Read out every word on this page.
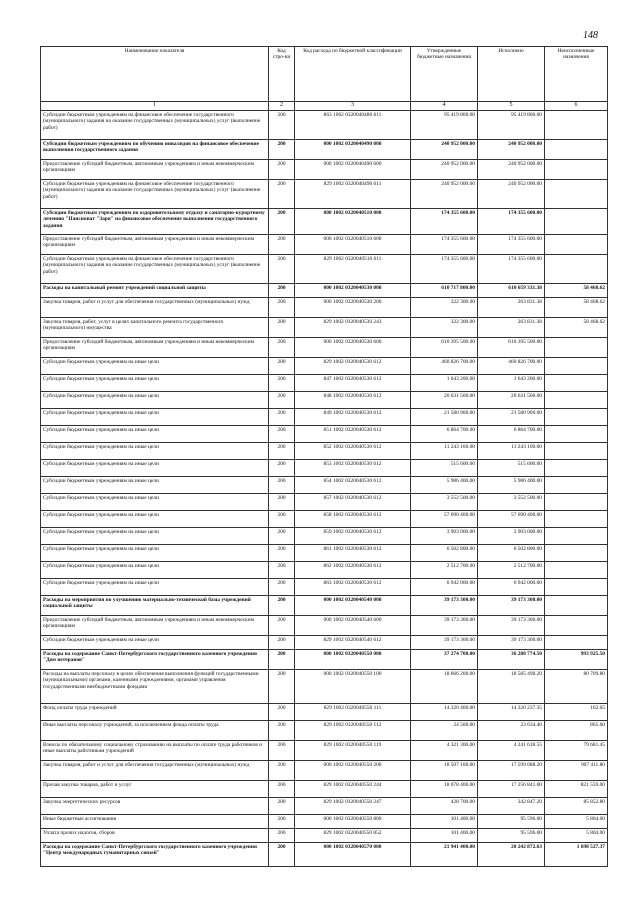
148
Наименование показателя	Код стро-ки	Код расхода по бюджетной классификации	Утвержденные бюджетные назначения	Исполнено	Неисполненные назначения
1	2	3	4	5	6
Субсидии бюджетным учреждениям на финансовое обеспечение государственного (муниципального) задания на оказание государственных (муниципальных) услуг (выполнение работ)	200	863 1002 0320040480 611	95 419 800.00	95 419 800.00	
Субсидии бюджетным учреждениям по обучению инвалидов на финансовое обеспечение выполнения государственного задания	200	000 1002 0320040490 000	240 952 000.00	240 952 000.00	
Предоставление субсидий бюджетным, автономным учреждениям и иным некоммерческим организациям	200	000 1002 0320040490 600	240 952 000.00	240 952 000.00	
Субсидии бюджетным учреждениям на финансовое обеспечение государственного (муниципального) задания на оказание государственных (муниципальных) услуг (выполнение работ)	200	829 1002 0320040490 611	240 952 000.00	240 952 000.00	
Субсидии бюджетным учреждениям по оздоровительному отдыху и санаторно-курортному лечению "Пансионат "Заря" на финансовое обеспечение выполнения государственного задания	200	000 1002 0320040510 000	174 355 600.00	174 355 600.00	
Предоставление субсидий бюджетным, автономным учреждениям и иным некоммерческим организациям	200	000 1002 0320040510 600	174 355 600.00	174 355 600.00	
Субсидии бюджетным учреждениям на финансовое обеспечение государственного (муниципального) задания на оказание государственных (муниципальных) услуг (выполнение работ)	200	829 1002 0320040510 611	174 355 600.00	174 355 600.00	
Расходы на капитальный ремонт учреждений социальной защиты	200	000 1002 0320040530 000	610 717 800.00	610 659 331.38	58 468.62
Закупка товаров, работ и услуг для обеспечения государственных (муниципальных) нужд	200	000 1002 0320040530 200	322 300.00	263 831.38	58 468.62
Закупка товаров, работ, услуг в целях капитального ремонта государственного (муниципального) имущества	200	829 1002 0320040530 243	322 300.00	263 831.38	58 468.62
Предоставление субсидий бюджетным, автономным учреждениям и иным некоммерческим организациям	200	000 1002 0320040530 600	610 395 500.00	610 395 500.00	
Субсидии бюджетным учреждениям на иные цели	200	829 1002 0320040530 612	460 826 700.00	460 826 700.00	
Субсидии бюджетным учреждениям на иные цели	200	847 1002 0320040530 612	1 643 200.00	1 643 200.00	
Субсидии бюджетным учреждениям на иные цели	200	848 1002 0320040530 612	20 631 500.00	20 631 500.00	
Субсидии бюджетным учреждениям на иные цели	200	849 1002 0320040530 612	21 580 900.00	21 580 900.00	
Субсидии бюджетным учреждениям на иные цели	200	851 1002 0320040530 612	6 864 700.00	6 864 700.00	
Субсидии бюджетным учреждениям на иные цели	200	852 1002 0320040530 612	11 243 100.00	11 243 100.00	
Субсидии бюджетным учреждениям на иные цели	200	853 1002 0320040530 612	515 600.00	515 600.00	
Субсидии бюджетным учреждениям на иные цели	200	854 1002 0320040530 612	5 986 400.00	5 986 400.00	
Субсидии бюджетным учреждениям на иные цели	200	857 1002 0320040530 612	3 552 500.00	3 552 500.00	
Субсидии бюджетным учреждениям на иные цели	200	858 1002 0320040530 612	57 690 400.00	57 690 400.00	
Субсидии бюджетным учреждениям на иные цели	200	859 1002 0320040530 612	3 903 000.00	3 903 000.00	
Субсидии бюджетным учреждениям на иные цели	200	861 1002 0320040530 612	6 502 800.00	6 502 800.00	
Субсидии бюджетным учреждениям на иные цели	200	862 1002 0320040530 612	2 512 700.00	2 512 700.00	
Субсидии бюджетным учреждениям на иные цели	200	863 1002 0320040530 612	6 942 000.00	6 942 000.00	
Расходы на мероприятия по улучшению материально-технической базы учреждений социальной защиты	200	000 1002 0320040540 000	39 173 300.00	39 173 300.00	
Предоставление субсидий бюджетным, автономным учреждениям и иным некоммерческим организациям	200	000 1002 0320040540 600	39 173 300.00	39 173 300.00	
Субсидии бюджетным учреждениям на иные цели	200	829 1002 0320040540 612	39 173 300.00	39 173 300.00	
Расходы на содержание Санкт-Петербургского государственного казенного учреждения "Дом ветеранов"	200	000 1002 0320040550 000	37 274 700.00	36 280 774.50	993 925.50
Расходы на выплаты персоналу в целях обеспечения выполнения функций государственными (муниципальными) органами, казенными учреждениями, органами управления государственными внебюджетными фондами	200	000 1002 0320040550 100	18 666 200.00	18 585 490.20	80 709.80
Фонд оплаты труда учреждений	200	829 1002 0320040550 111	14 320 400.00	14 320 237.35	162.65
Иные выплаты персоналу учреждений, за исключением фонда оплаты труда	200	829 1002 0320040550 112	24 500.00	23 634.40	865.60
Взносы по обязательному социальному страхованию на выплаты по оплате труда работников и иные выплаты работникам учреждений	200	829 1002 0320040550 119	4 321 300.00	4 241 618.55	79 681.45
Закупка товаров, работ и услуг для обеспечения государственных (муниципальных) нужд	200	000 1002 0320040550 200	18 507 100.00	17 599 688.20	907 411.80
Прочая закупка товаров, работ и услуг	200	829 1002 0320040550 244	18 078 400.00	17 256 841.00	821 559.00
Закупка энергетических ресурсов	200	829 1002 0320040550 247	428 700.00	342 847.20	85 852.80
Иные бюджетные ассигнования	200	000 1002 0320040550 800	101 400.00	95 596.00	5 804.00
Уплата прочих налогов, сборов	200	829 1002 0320040550 852	101 400.00	95 596.00	5 804.00
Расходы на содержание Санкт-Петербургского государственного казенного учреждения "Центр международных гуманитарных связей"	200	000 1002 0320040570 000	21 941 400.00	20 242 872.63	1 698 527.37
